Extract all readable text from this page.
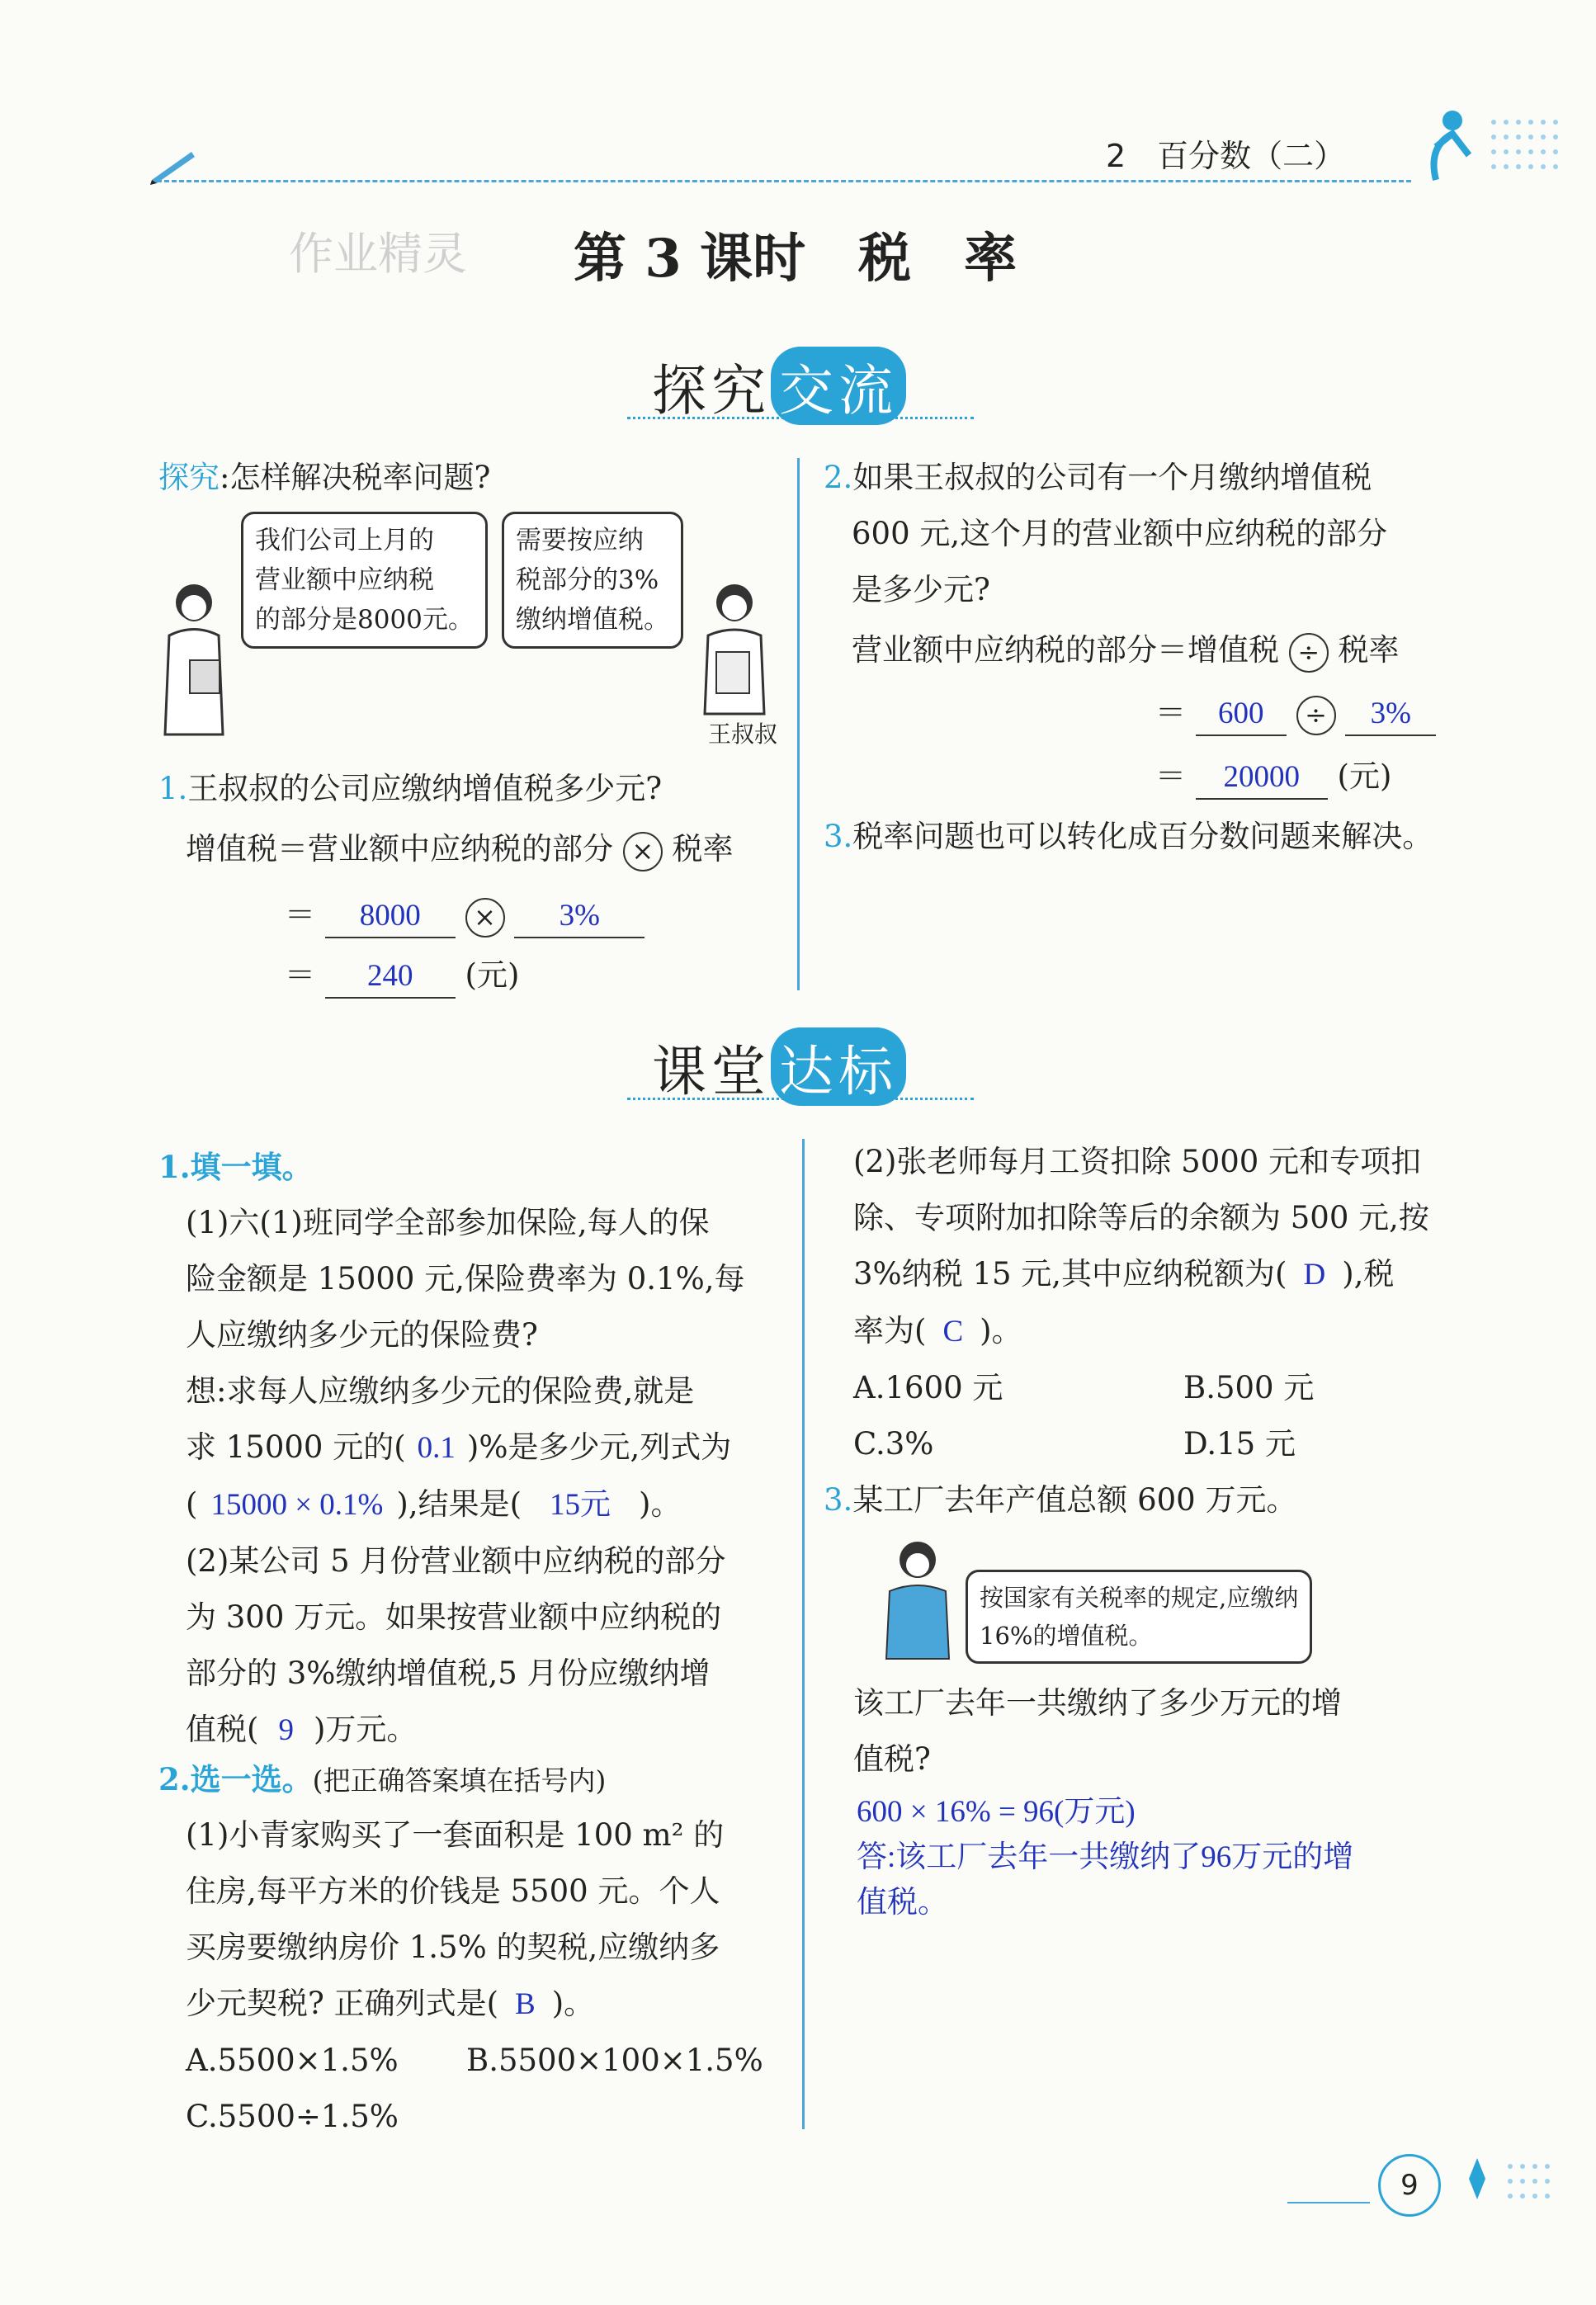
2　百分数（二）
作业精灵 第 3 课时　税　率
探究 交流
探究:怎样解决税率问题?
我们公司上月的
营业额中应纳税
的部分是8000元。
需要按应纳
税部分的3%
缴纳增值税。
王叔叔
1.王叔叔的公司应缴纳增值税多少元?
增值税＝营业额中应纳税的部分 × 税率
＝ 8000 × 3%
＝ 240 (元)
2.如果王叔叔的公司有一个月缴纳增值税
600 元,这个月的营业额中应纳税的部分
是多少元?
营业额中应纳税的部分＝增值税 ÷ 税率
＝ 600 ÷ 3%
＝ 20000 (元)
3.税率问题也可以转化成百分数问题来解决。
课堂 达标
1.填一填。
(1)六(1)班同学全部参加保险,每人的保
险金额是 15000 元,保险费率为 0.1%,每
人应缴纳多少元的保险费?
想:求每人应缴纳多少元的保险费,就是
求 15000 元的( 0.1 )%是多少元,列式为
( 15000 × 0.1% ),结果是( 15元 )。
(2)某公司 5 月份营业额中应纳税的部分
为 300 万元。如果按营业额中应纳税的
部分的 3%缴纳增值税,5 月份应缴纳增
值税( 9 )万元。
2.选一选。(把正确答案填在括号内)
(1)小青家购买了一套面积是 100 m² 的
住房,每平方米的价钱是 5500 元。个人
买房要缴纳房价 1.5% 的契税,应缴纳多
少元契税? 正确列式是( B )。
A.5500×1.5% B.5500×100×1.5%
C.5500÷1.5%
(2)张老师每月工资扣除 5000 元和专项扣
除、专项附加扣除等后的余额为 500 元,按
3%纳税 15 元,其中应纳税额为( D ),税
率为( C )。
A.1600 元	B.500 元
C.3%	D.15 元
3.某工厂去年产值总额 600 万元。
按国家有关税率的规定,应缴纳
16%的增值税。
该工厂去年一共缴纳了多少万元的增
值税?
600 × 16% = 96(万元)
答:该工厂去年一共缴纳了96万元的增
值税。
9
